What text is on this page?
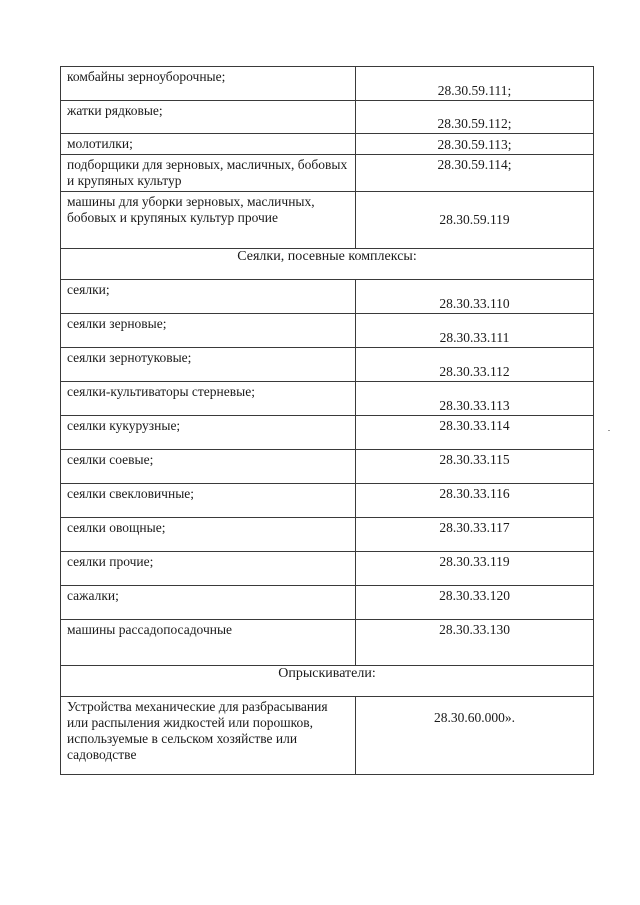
комбайны зерноуборочные;	28.30.59.111;
жатки рядковые;	28.30.59.112;
молотилки;	28.30.59.113;
подборщики для зерновых, масличных, бобовых и крупяных культур	28.30.59.114;
машины для уборки зерновых, масличных, бобовых и крупяных культур прочие	28.30.59.119
Сеялки, посевные комплексы:	
сеялки;	28.30.33.110
сеялки зерновые;	28.30.33.111
сеялки зернотуковые;	28.30.33.112
сеялки-культиваторы стерневые;	28.30.33.113
сеялки кукурузные;	28.30.33.114
сеялки соевые;	28.30.33.115
сеялки свекловичные;	28.30.33.116
сеялки овощные;	28.30.33.117
сеялки прочие;	28.30.33.119
сажалки;	28.30.33.120
машины рассадопосадочные	28.30.33.130
Опрыскиватели:	
Устройства механические для разбрасывания или распыления жидкостей или порошков, используемые в сельском хозяйстве или садоводстве	28.30.60.000».
